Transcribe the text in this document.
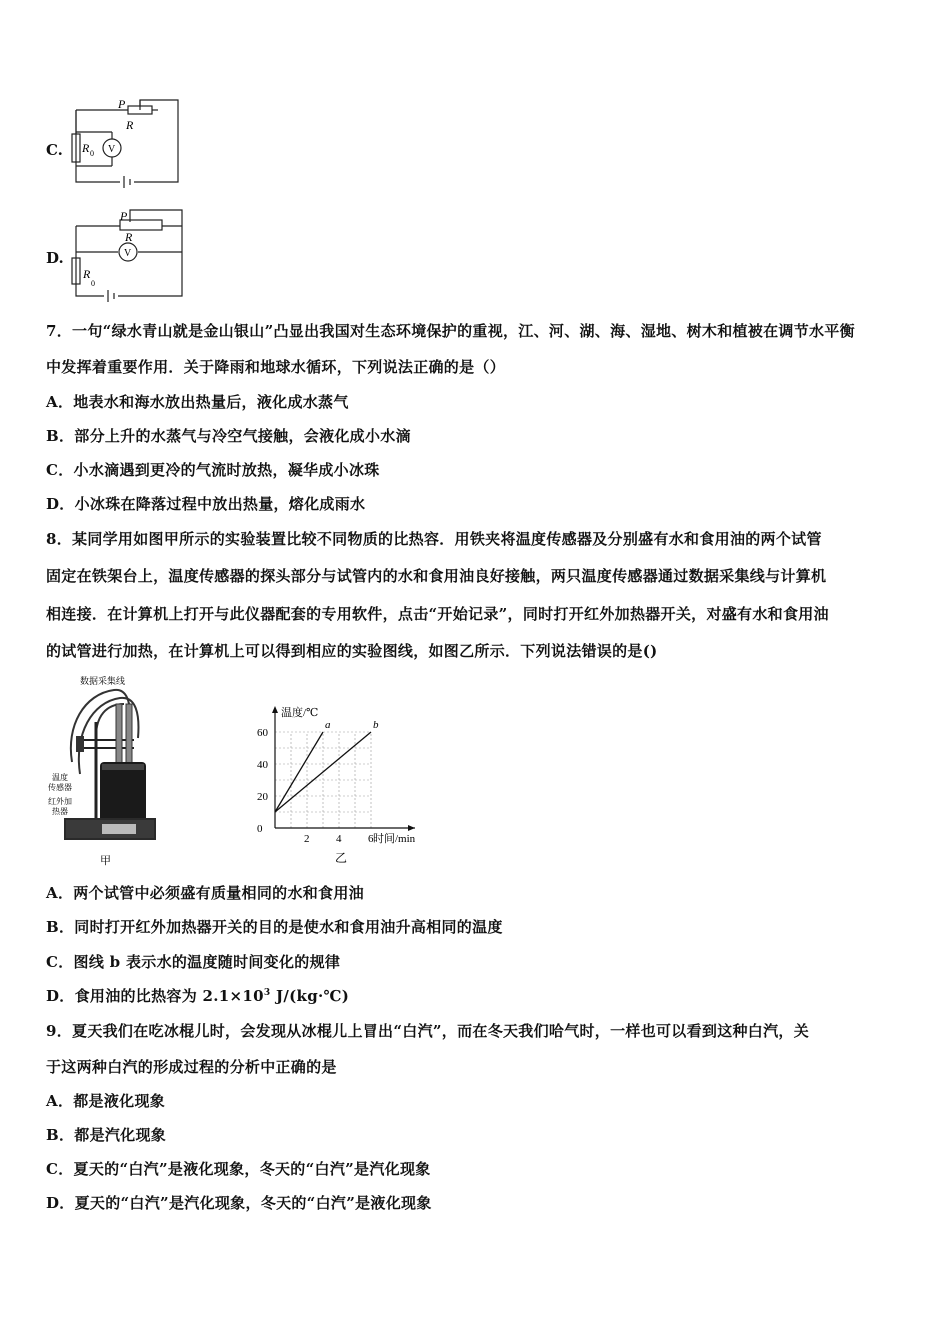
C.
P
R
R 0 V
D.
P
R
R
0
V
7．一句“绿水青山就是金山银山”凸显出我国对生态环境保护的重视，江、河、湖、海、湿地、树木和植被在调节水平衡
中发挥着重要作用．关于降雨和地球水循环，下列说法正确的是（）
A．地表水和海水放出热量后，液化成水蒸气
B．部分上升的水蒸气与冷空气接触，会液化成小水滴
C．小水滴遇到更冷的气流时放热，凝华成小冰珠
D．小冰珠在降落过程中放出热量，熔化成雨水
8．某同学用如图甲所示的实验装置比较不同物质的比热容．用铁夹将温度传感器及分别盛有水和食用油的两个试管
固定在铁架台上，温度传感器的探头部分与试管内的水和食用油良好接触，两只温度传感器通过数据采集线与计算机
相连接．在计算机上打开与此仪器配套的专用软件，点击“开始记录”，同时打开红外加热器开关，对盛有水和食用油
的试管进行加热，在计算机上可以得到相应的实验图线，如图乙所示．下列说法错误的是()
数据采集线
温度
传感器
红外加
热器
甲
2 4 6
0
20
40
60
温度/℃
时间/min
乙
a	b
A．两个试管中必须盛有质量相同的水和食用油
B．同时打开红外加热器开关的目的是使水和食用油升高相同的温度
C．图线 b 表示水的温度随时间变化的规律
D．食用油的比热容为 $2.1\times 10^3$ J/(kg·℃)
9．夏天我们在吃冰棍儿时，会发现从冰棍儿上冒出“白汽”，而在冬天我们哈气时，一样也可以看到这种白汽，关
于这两种白汽的形成过程的分析中正确的是
A．都是液化现象
B．都是汽化现象
C．夏天的“白汽”是液化现象，冬天的“白汽”是汽化现象
D．夏天的“白汽”是汽化现象，冬天的“白汽”是液化现象
